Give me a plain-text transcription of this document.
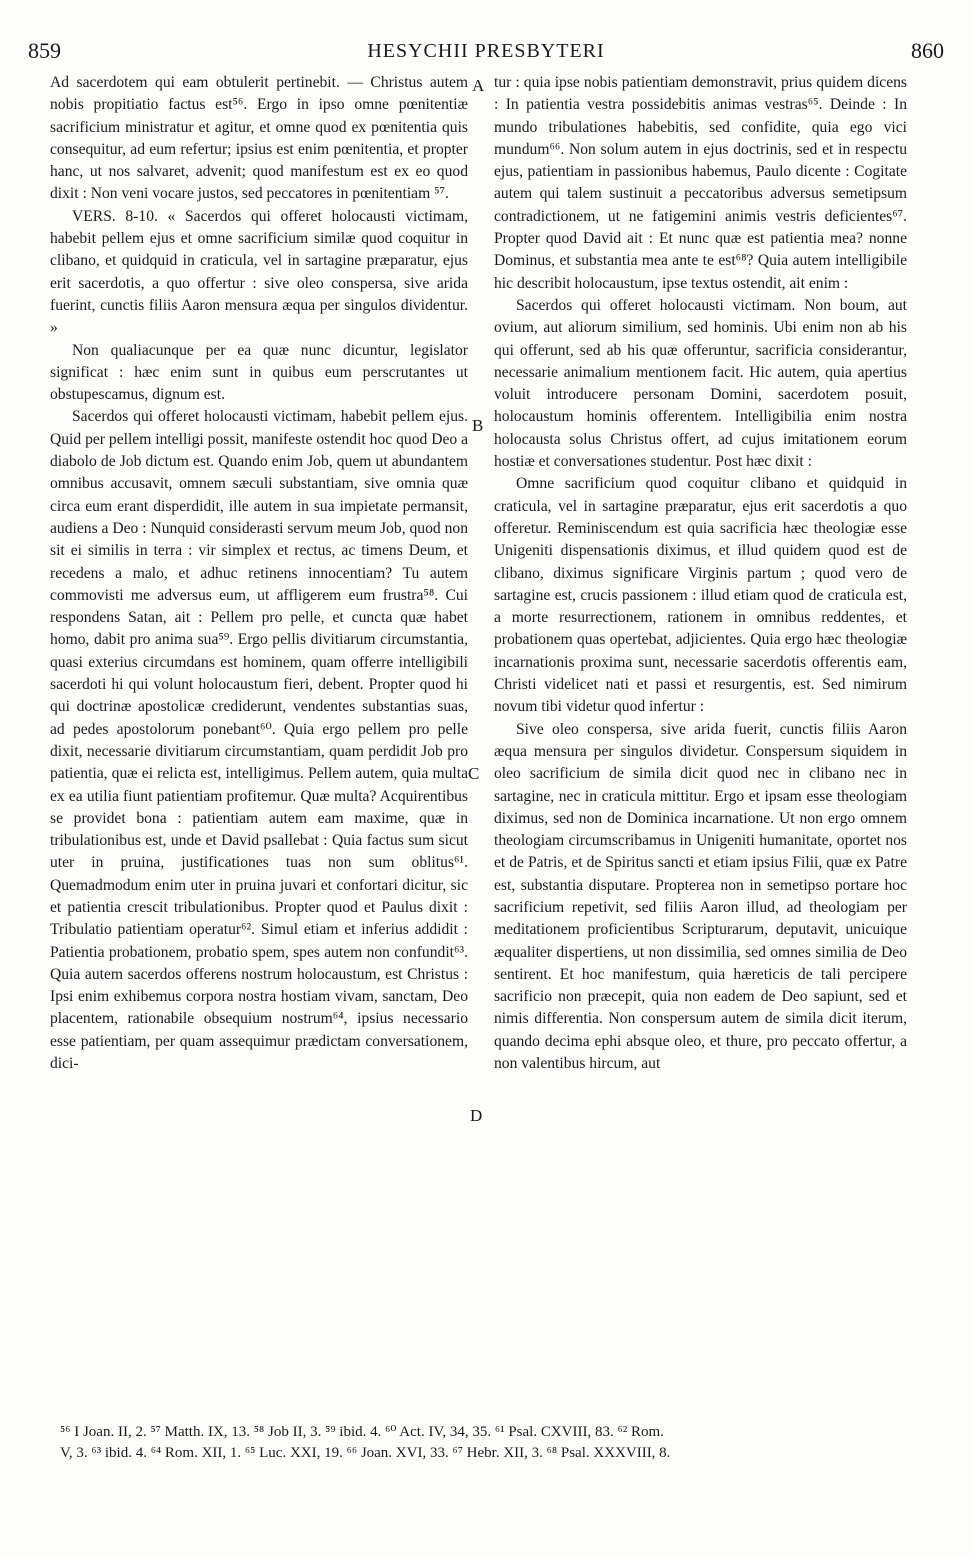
859	HESYCHII PRESBYTERI	860

Ad sacerdotem qui eam obtulerit pertinebit. — Christus autem nobis propitiatio factus est⁵⁶. Ergo in ipso omne pœnitentiæ sacrificium ministratur et agitur, et omne quod ex pœnitentia quis consequitur, ad eum refertur; ipsius est enim pœnitentia, et propter hanc, ut nos salvaret, advenit; quod manifestum est ex eo quod dixit : Non veni vocare justos, sed peccatores in pœnitentiam ⁵⁷.

VERS. 8-10. « Sacerdos qui offeret holocausti victimam, habebit pellem ejus et omne sacrificium similæ quod coquitur in clibano, et quidquid in craticula, vel in sartagine præparatur, ejus erit sacerdotis, a quo offertur : sive oleo conspersa, sive arida fuerint, cunctis filiis Aaron mensura æqua per singulos dividentur. »

Non qualiacunque per ea quæ nunc dicuntur, legislator significat : hæc enim sunt in quibus eum perscrutantes ut obstupescamus, dignum est.

Sacerdos qui offeret holocausti victimam, habebit pellem ejus. Quid per pellem intelligi possit, manifeste ostendit hoc quod Deo a diabolo de Job dictum est. Quando enim Job, quem ut abundantem omnibus accusavit, omnem sæculi substantiam, sive omnia quæ circa eum erant disperdidit, ille autem in sua impietate permansit, audiens a Deo : Nunquid considerasti servum meum Job, quod non sit ei similis in terra : vir simplex et rectus, ac timens Deum, et recedens a malo, et adhuc retinens innocentiam? Tu autem commovisti me adversus eum, ut affligerem eum frustra⁵⁸. Cui respondens Satan, ait : Pellem pro pelle, et cuncta quæ habet homo, dabit pro anima sua⁵⁹. Ergo pellis divitiarum circumstantia, quasi exterius circumdans est hominem, quam offerre intelligibili sacerdoti hi qui volunt holocaustum fieri, debent. Propter quod hi qui doctrinæ apostolicæ crediderunt, vendentes substantias suas, ad pedes apostolorum ponebant⁶⁰. Quia ergo pellem pro pelle dixit, necessarie divitiarum circumstantiam, quam perdidit Job pro patientia, quæ ei relicta est, intelligimus. Pellem autem, quia multa ex ea utilia fiunt patientiam profitemur. Quæ multa? Acquirentibus se providet bona : patientiam autem eam maxime, quæ in tribulationibus est, unde et David psallebat : Quia factus sum sicut uter in pruina, justificationes tuas non sum oblitus⁶¹. Quemadmodum enim uter in pruina juvari et confortari dicitur, sic et patientia crescit tribulationibus. Propter quod et Paulus dixit : Tribulatio patientiam operatur⁶². Simul etiam et inferius addidit : Patientia probationem, probatio spem, spes autem non confundit⁶³. Quia autem sacerdos offerens nostrum holocaustum, est Christus : Ipsi enim exhibemus corpora nostra hostiam vivam, sanctam, Deo placentem, rationabile obsequium nostrum⁶⁴, ipsius necessario esse patientiam, per quam assequimur prædictam conversationem, dici-

A
B
C
D

tur : quia ipse nobis patientiam demonstravit, prius quidem dicens : In patientia vestra possidebitis animas vestras⁶⁵. Deinde : In mundo tribulationes habebitis, sed confidite, quia ego vici mundum⁶⁶. Non solum autem in ejus doctrinis, sed et in respectu ejus, patientiam in passionibus habemus, Paulo dicente : Cogitate autem qui talem sustinuit a peccatoribus adversus semetipsum contradictionem, ut ne fatigemini animis vestris deficientes⁶⁷. Propter quod David ait : Et nunc quæ est patientia mea? nonne Dominus, et substantia mea ante te est⁶⁸? Quia autem intelligibile hic describit holocaustum, ipse textus ostendit, ait enim :

Sacerdos qui offeret holocausti victimam. Non boum, aut ovium, aut aliorum similium, sed hominis. Ubi enim non ab his qui offerunt, sed ab his quæ offeruntur, sacrificia considerantur, necessarie animalium mentionem facit. Hic autem, quia apertius voluit introducere personam Domini, sacerdotem posuit, holocaustum hominis offerentem. Intelligibilia enim nostra holocausta solus Christus offert, ad cujus imitationem eorum hostiæ et conversationes studentur. Post hæc dixit :

Omne sacrificium quod coquitur clibano et quidquid in craticula, vel in sartagine præparatur, ejus erit sacerdotis a quo offeretur. Reminiscendum est quia sacrificia hæc theologiæ esse Unigeniti dispensationis diximus, et illud quidem quod est de clibano, diximus significare Virginis partum ; quod vero de sartagine est, crucis passionem : illud etiam quod de craticula est, a morte resurrectionem, rationem in omnibus reddentes, et probationem quas opertebat, adjicientes. Quia ergo hæc theologiæ incarnationis proxima sunt, necessarie sacerdotis offerentis eam, Christi videlicet nati et passi et resurgentis, est. Sed nimirum novum tibi videtur quod infertur :

Sive oleo conspersa, sive arida fuerit, cunctis filiis Aaron æqua mensura per singulos dividetur. Conspersum siquidem in oleo sacrificium de simila dicit quod nec in clibano nec in sartagine, nec in craticula mittitur. Ergo et ipsam esse theologiam diximus, sed non de Dominica incarnatione. Ut non ergo omnem theologiam circumscribamus in Unigeniti humanitate, oportet nos et de Patris, et de Spiritus sancti et etiam ipsius Filii, quæ ex Patre est, substantia disputare. Propterea non in semetipso portare hoc sacrificium repetivit, sed filiis Aaron illud, ad theologiam per meditationem proficientibus Scripturarum, deputavit, unicuique æqualiter dispertiens, ut non dissimilia, sed omnes similia de Deo sentirent. Et hoc manifestum, quia hæreticis de tali percipere sacrificio non præcepit, quia non eadem de Deo sapiunt, sed et nimis differentia. Non conspersum autem de simila dicit iterum, quando decima ephi absque oleo, et thure, pro peccato offertur, a non valentibus hircum, aut

⁵⁶ I Joan. II, 2. ⁵⁷ Matth. IX, 13. ⁵⁸ Job II, 3. ⁵⁹ ibid. 4. ⁶⁰ Act. IV, 34, 35. ⁶¹ Psal. CXVIII, 83. ⁶² Rom.
V, 3. ⁶³ ibid. 4. ⁶⁴ Rom. XII, 1. ⁶⁵ Luc. XXI, 19. ⁶⁶ Joan. XVI, 33. ⁶⁷ Hebr. XII, 3. ⁶⁸ Psal. XXXVIII, 8.
